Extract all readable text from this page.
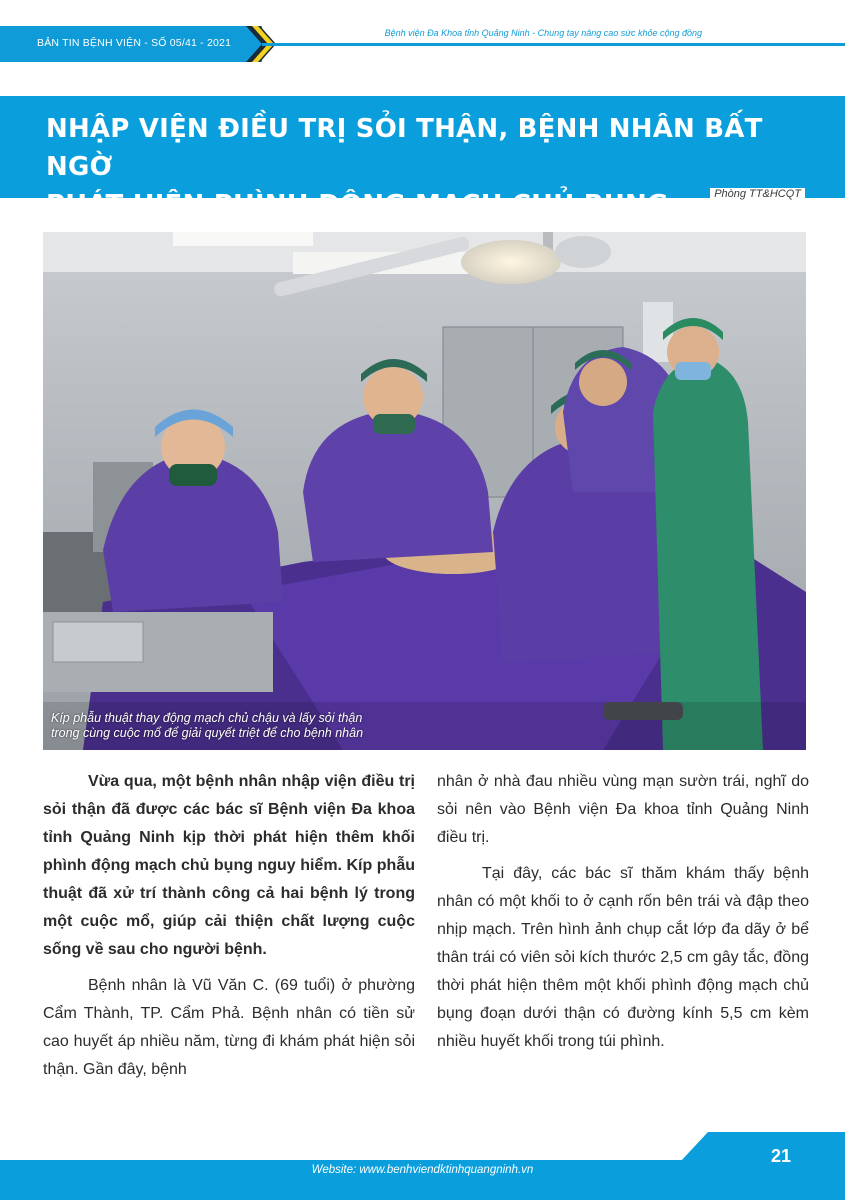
BẢN TIN BỆNH VIỆN - SỐ 05/41 - 2021
Bệnh viện Đa Khoa tỉnh Quảng Ninh - Chung tay nâng cao sức khỏe cộng đồng
NHẬP VIỆN ĐIỀU TRỊ SỎI THẬN, BỆNH NHÂN BẤT NGỜ
PHÁT HIỆN PHÌNH ĐỘNG MẠCH CHỦ BỤNG	Phòng TT&HCQT
Kíp phẫu thuật thay động mạch chủ chậu và lấy sỏi thận
trong cùng cuộc mổ để giải quyết triệt để cho bệnh nhân

Vừa qua, một bệnh nhân nhập viện điều trị sỏi thận đã được các bác sĩ Bệnh viện Đa khoa tỉnh Quảng Ninh kịp thời phát hiện thêm khối phình động mạch chủ bụng nguy hiểm. Kíp phẫu thuật đã xử trí thành công cả hai bệnh lý trong một cuộc mổ, giúp cải thiện chất lượng cuộc sống về sau cho người bệnh.

Bệnh nhân là Vũ Văn C. (69 tuổi) ở phường Cẩm Thành, TP. Cẩm Phả. Bệnh nhân có tiền sử cao huyết áp nhiều năm, từng đi khám phát hiện sỏi thận. Gần đây, bệnh

nhân ở nhà đau nhiều vùng mạn sườn trái, nghĩ do sỏi nên vào Bệnh viện Đa khoa tỉnh Quảng Ninh điều trị.

Tại đây, các bác sĩ thăm khám thấy bệnh nhân có một khối to ở cạnh rốn bên trái và đập theo nhịp mạch. Trên hình ảnh chụp cắt lớp đa dãy ở bể thân trái có viên sỏi kích thước 2,5 cm gây tắc, đồng thời phát hiện thêm một khối phình động mạch chủ bụng đoạn dưới thận có đường kính 5,5 cm kèm nhiều huyết khối trong túi phình.

Website: www.benhviendktinhquangninh.vn
21
